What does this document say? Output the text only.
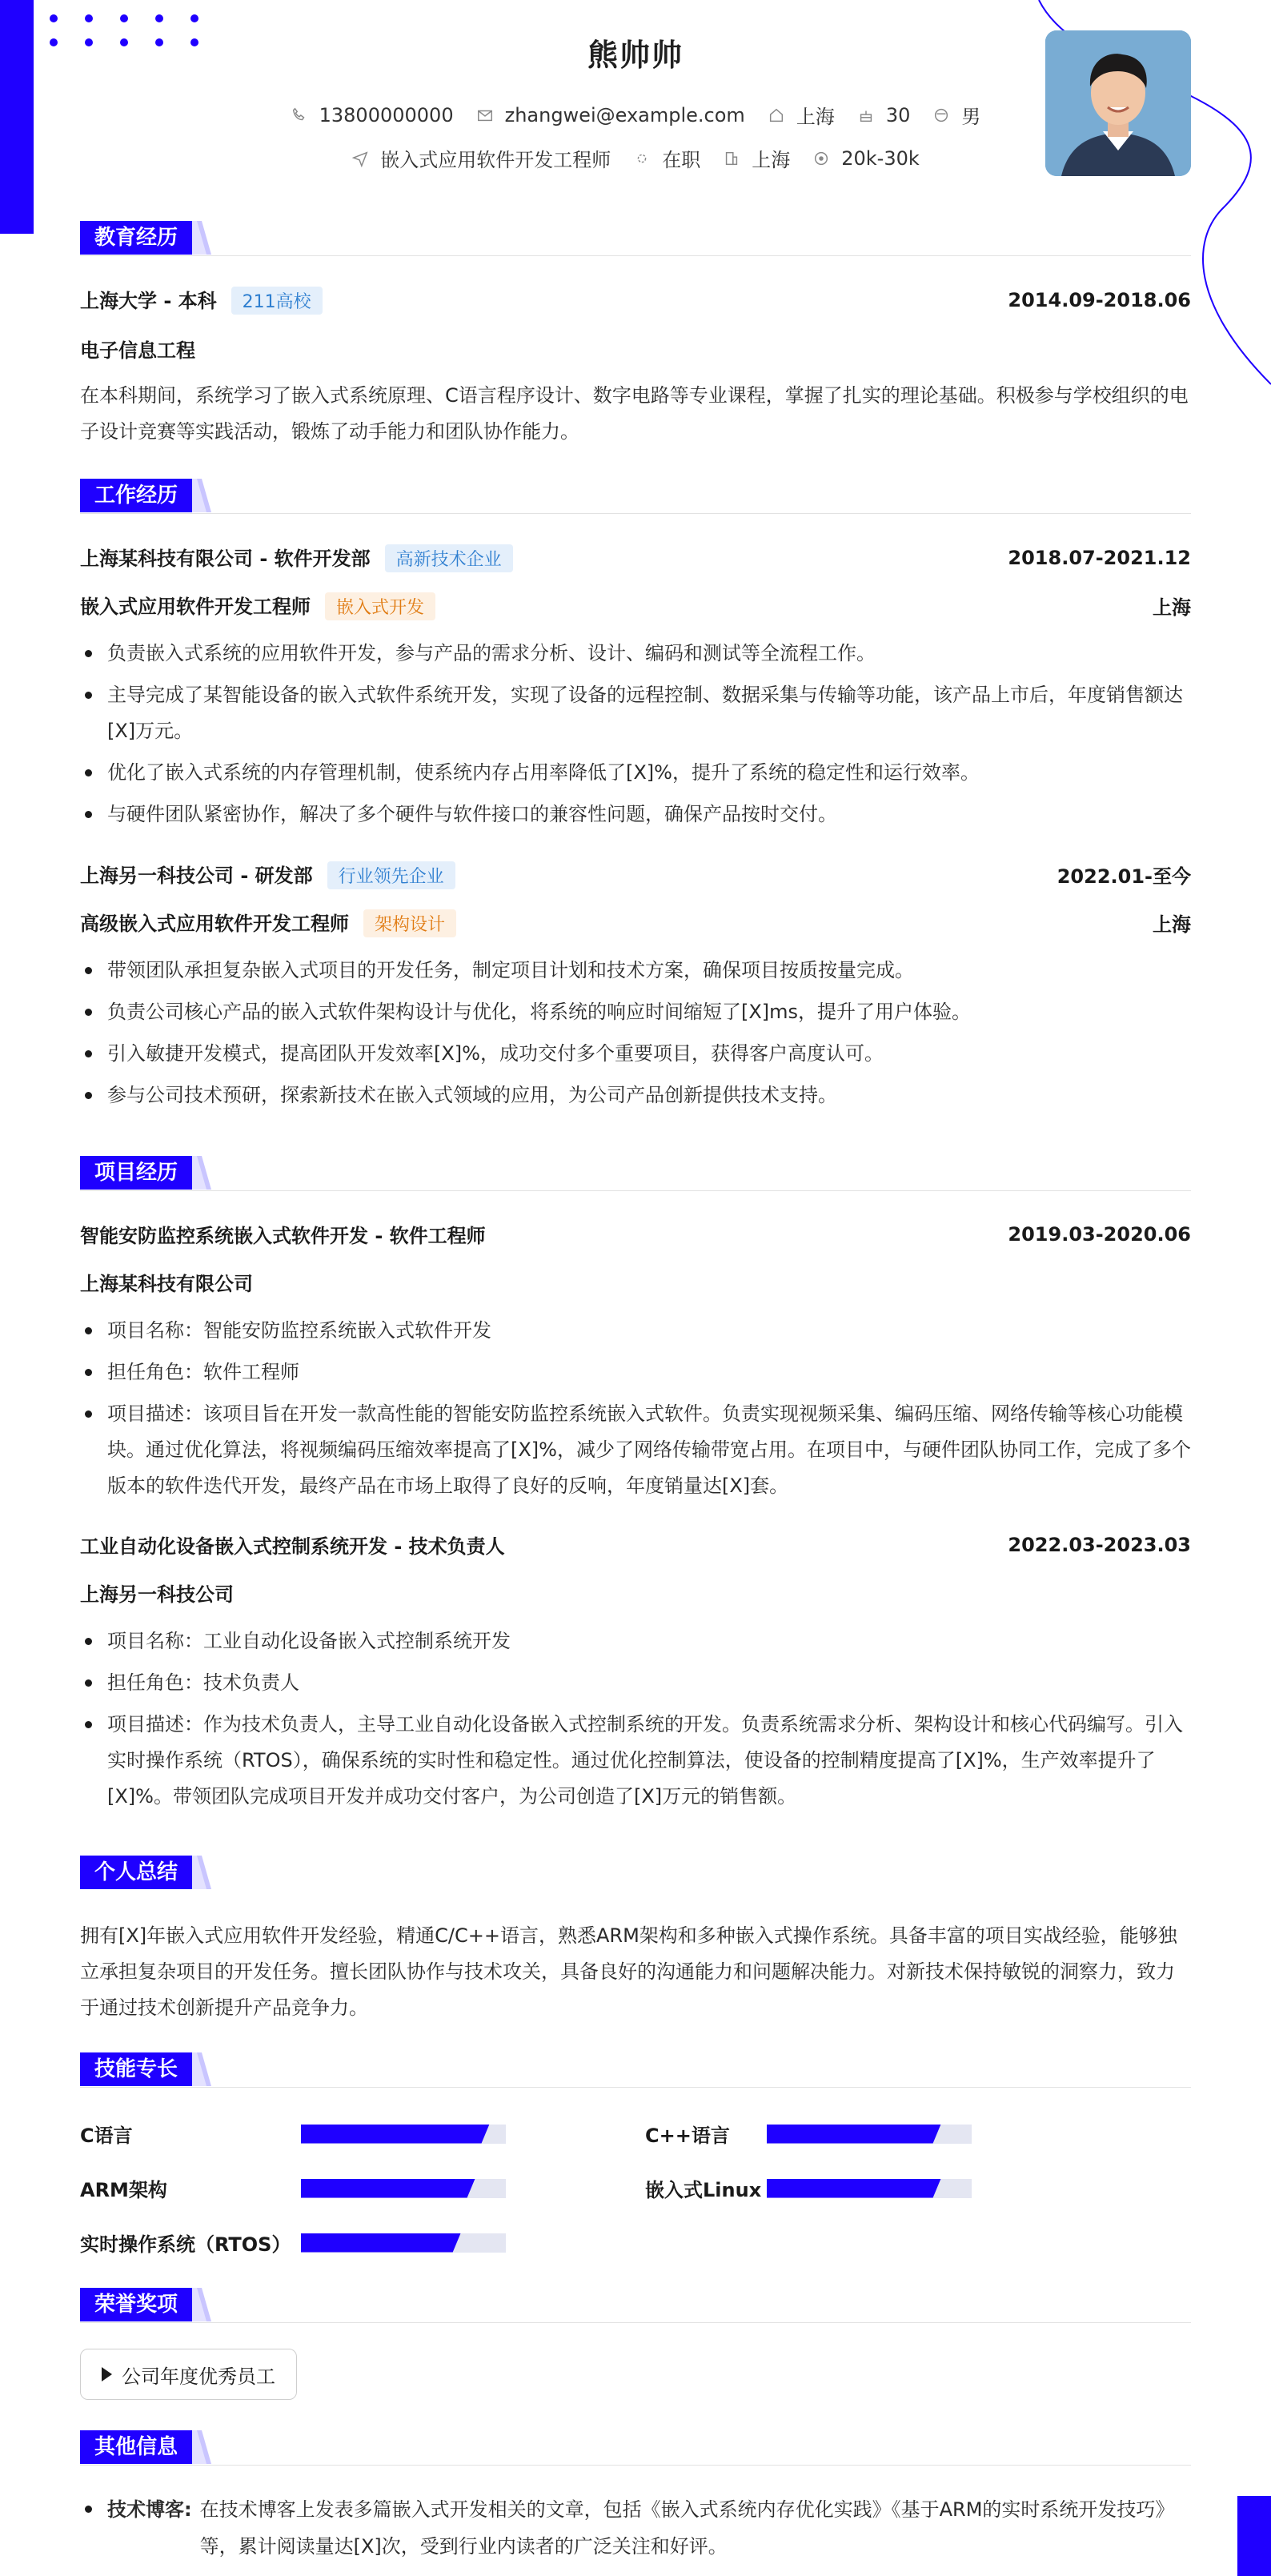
熊帅帅
13800000000	zhangwei@example.com	上海	30	男
嵌入式应用软件开发工程师	在职	上海	20k-30k
教育经历
上海大学 - 本科 211高校	2014.09-2018.06
电子信息工程
在本科期间，系统学习了嵌入式系统原理、C语言程序设计、数字电路等专业课程，掌握了扎实的理论基础。积极参与学校组织的电子设计竞赛等实践活动，锻炼了动手能力和团队协作能力。
工作经历
上海某科技有限公司 - 软件开发部 高新技术企业	2018.07-2021.12
嵌入式应用软件开发工程师 嵌入式开发	上海
负责嵌入式系统的应用软件开发，参与产品的需求分析、设计、编码和测试等全流程工作。
主导完成了某智能设备的嵌入式软件系统开发，实现了设备的远程控制、数据采集与传输等功能，该产品上市后，年度销售额达[X]万元。
优化了嵌入式系统的内存管理机制，使系统内存占用率降低了[X]%，提升了系统的稳定性和运行效率。
与硬件团队紧密协作，解决了多个硬件与软件接口的兼容性问题，确保产品按时交付。
上海另一科技公司 - 研发部 行业领先企业	2022.01-至今
高级嵌入式应用软件开发工程师 架构设计	上海
带领团队承担复杂嵌入式项目的开发任务，制定项目计划和技术方案，确保项目按质按量完成。
负责公司核心产品的嵌入式软件架构设计与优化，将系统的响应时间缩短了[X]ms，提升了用户体验。
引入敏捷开发模式，提高团队开发效率[X]%，成功交付多个重要项目，获得客户高度认可。
参与公司技术预研，探索新技术在嵌入式领域的应用，为公司产品创新提供技术支持。
项目经历
智能安防监控系统嵌入式软件开发 - 软件工程师	2019.03-2020.06
上海某科技有限公司
项目名称：智能安防监控系统嵌入式软件开发
担任角色：软件工程师
项目描述：该项目旨在开发一款高性能的智能安防监控系统嵌入式软件。负责实现视频采集、编码压缩、网络传输等核心功能模块。通过优化算法，将视频编码压缩效率提高了[X]%，减少了网络传输带宽占用。在项目中，与硬件团队协同工作，完成了多个版本的软件迭代开发，最终产品在市场上取得了良好的反响，年度销量达[X]套。
工业自动化设备嵌入式控制系统开发 - 技术负责人	2022.03-2023.03
上海另一科技公司
项目名称：工业自动化设备嵌入式控制系统开发
担任角色：技术负责人
项目描述：作为技术负责人，主导工业自动化设备嵌入式控制系统的开发。负责系统需求分析、架构设计和核心代码编写。引入实时操作系统（RTOS），确保系统的实时性和稳定性。通过优化控制算法，使设备的控制精度提高了[X]%，生产效率提升了[X]%。带领团队完成项目开发并成功交付客户，为公司创造了[X]万元的销售额。
个人总结
拥有[X]年嵌入式应用软件开发经验，精通C/C++语言，熟悉ARM架构和多种嵌入式操作系统。具备丰富的项目实战经验，能够独立承担复杂项目的开发任务。擅长团队协作与技术攻关，具备良好的沟通能力和问题解决能力。对新技术保持敏锐的洞察力，致力于通过技术创新提升产品竞争力。
技能专长
C语言	C++语言
ARM架构	嵌入式Linux
实时操作系统（RTOS）
荣誉奖项
公司年度优秀员工
其他信息
技术博客: 在技术博客上发表多篇嵌入式开发相关的文章，包括《嵌入式系统内存优化实践》《基于ARM的实时系统开发技巧》等，累计阅读量达[X]次，受到行业内读者的广泛关注和好评。
